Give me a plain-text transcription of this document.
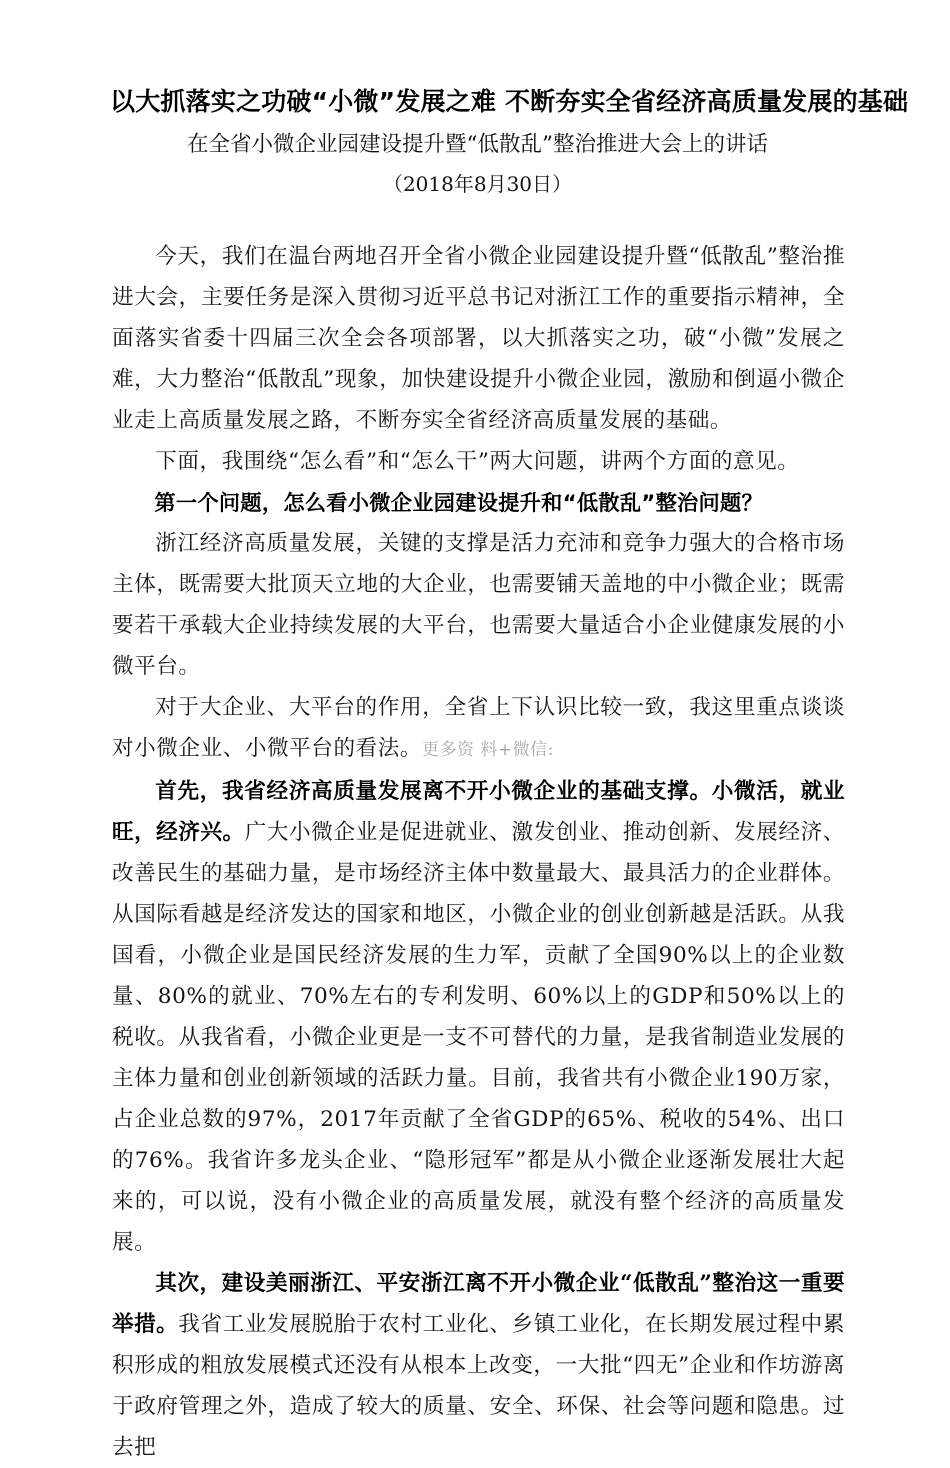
以大抓落实之功破“小微”发展之难 不断夯实全省经济高质量发展的基础
在全省小微企业园建设提升暨“低散乱”整治推进大会上的讲话
（2018年8月30日）

今天，我们在温台两地召开全省小微企业园建设提升暨“低散乱”整治推进大会，主要任务是深入贯彻习近平总书记对浙江工作的重要指示精神，全面落实省委十四届三次全会各项部署，以大抓落实之功，破“小微”发展之难，大力整治“低散乱”现象，加快建设提升小微企业园，激励和倒逼小微企业走上高质量发展之路，不断夯实全省经济高质量发展的基础。

下面，我围绕“怎么看”和“怎么干”两大问题，讲两个方面的意见。

第一个问题，怎么看小微企业园建设提升和“低散乱”整治问题？

浙江经济高质量发展，关键的支撑是活力充沛和竞争力强大的合格市场主体，既需要大批顶天立地的大企业，也需要铺天盖地的中小微企业；既需要若干承载大企业持续发展的大平台，也需要大量适合小企业健康发展的小微平台。

对于大企业、大平台的作用，全省上下认识比较一致，我这里重点谈谈对小微企业、小微平台的看法。更多资 料+微信:

首先，我省经济高质量发展离不开小微企业的基础支撑。小微活，就业旺，经济兴。广大小微企业是促进就业、激发创业、推动创新、发展经济、改善民生的基础力量，是市场经济主体中数量最大、最具活力的企业群体。从国际看越是经济发达的国家和地区，小微企业的创业创新越是活跃。从我国看，小微企业是国民经济发展的生力军，贡献了全国90%以上的企业数量、80%的就业、70%左右的专利发明、60%以上的GDP和50%以上的税收。从我省看，小微企业更是一支不可替代的力量，是我省制造业发展的主体力量和创业创新领域的活跃力量。目前，我省共有小微企业190万家，占企业总数的97%，2017年贡献了全省GDP的65%、税收的54%、出口的76%。我省许多龙头企业、“隐形冠军”都是从小微企业逐渐发展壮大起来的，可以说，没有小微企业的高质量发展，就没有整个经济的高质量发展。

其次，建设美丽浙江、平安浙江离不开小微企业“低散乱”整治这一重要举措。我省工业发展脱胎于农村工业化、乡镇工业化，在长期发展过程中累积形成的粗放发展模式还没有从根本上改变，一大批“四无”企业和作坊游离于政府管理之外，造成了较大的质量、安全、环保、社会等问题和隐患。过去把
